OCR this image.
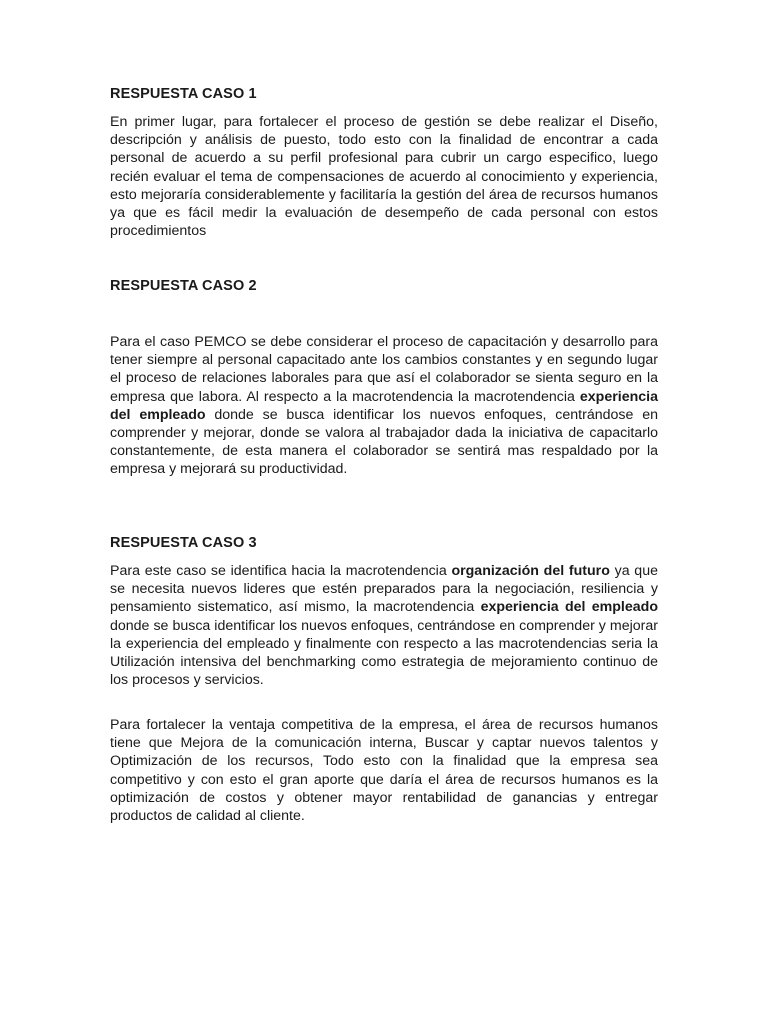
RESPUESTA CASO 1

En primer lugar, para fortalecer el proceso de gestión se debe realizar el Diseño, descripción y análisis de puesto, todo esto con la finalidad de encontrar a cada personal de acuerdo a su perfil profesional para cubrir un cargo especifico, luego recién evaluar el tema de compensaciones de acuerdo al conocimiento y experiencia, esto mejoraría considerablemente y facilitaría la gestión del área de recursos humanos ya que es fácil medir la evaluación de desempeño de cada personal con estos procedimientos

RESPUESTA CASO 2

Para el caso PEMCO se debe considerar el proceso de capacitación y desarrollo para tener siempre al personal capacitado ante los cambios constantes y en segundo lugar el proceso de relaciones laborales para que así el colaborador se sienta seguro en la empresa que labora. Al respecto a la macrotendencia la macrotendencia experiencia del empleado donde se busca identificar los nuevos enfoques, centrándose en comprender y mejorar, donde se valora al trabajador dada la iniciativa de capacitarlo constantemente, de esta manera el colaborador se sentirá mas respaldado por la empresa y mejorará su productividad.

RESPUESTA CASO 3

Para este caso se identifica hacia la macrotendencia organización del futuro ya que se necesita nuevos lideres que estén preparados para la negociación, resiliencia y pensamiento sistematico, así mismo, la macrotendencia experiencia del empleado donde se busca identificar los nuevos enfoques, centrándose en comprender y mejorar la experiencia del empleado y finalmente con respecto a las macrotendencias seria la Utilización intensiva del benchmarking como estrategia de mejoramiento continuo de los procesos y servicios.

Para fortalecer la ventaja competitiva de la empresa, el área de recursos humanos tiene que Mejora de la comunicación interna, Buscar y captar nuevos talentos y Optimización de los recursos, Todo esto con la finalidad que la empresa sea competitivo y con esto el gran aporte que daría el área de recursos humanos es la optimización de costos y obtener mayor rentabilidad de ganancias y entregar productos de calidad al cliente.
